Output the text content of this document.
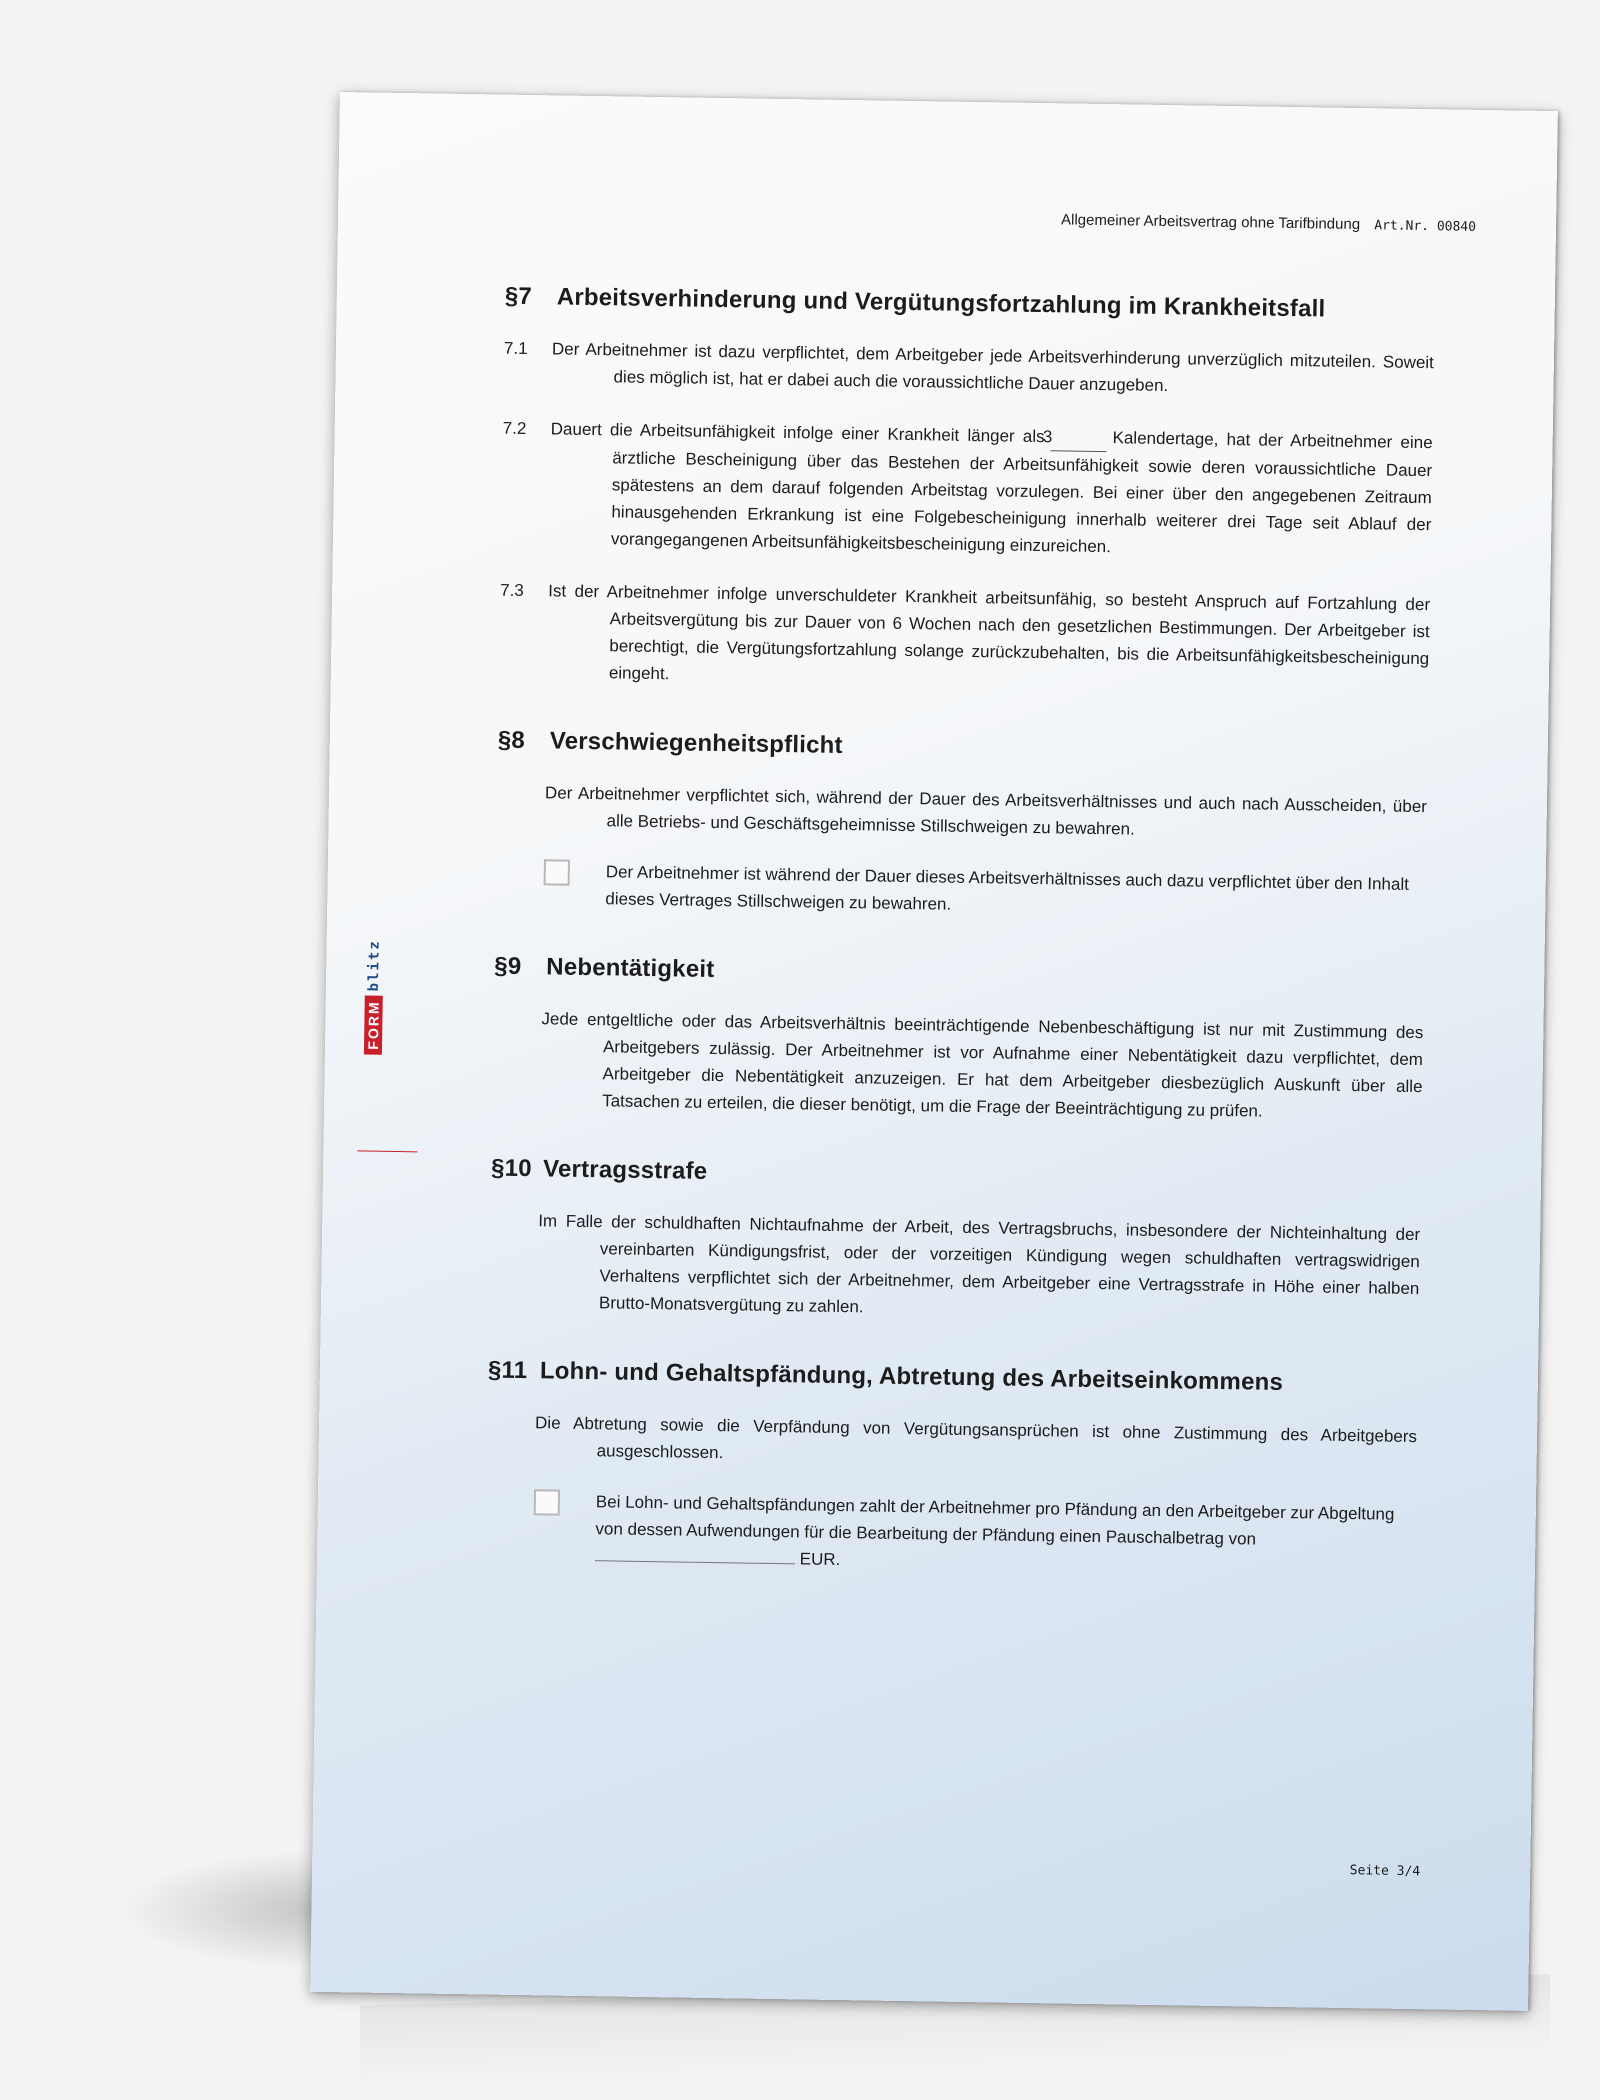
Allgemeiner Arbeitsvertrag ohne Tarifbindung Art.Nr. 00840
FORM
blitz
§7	Arbeitsverhinderung und Vergütungsfortzahlung im Krankheitsfall
7.1	Der Arbeitnehmer ist dazu verpflichtet, dem Arbeitgeber jede Arbeitsverhinderung unverzüglich mitzuteilen. Soweit dies möglich ist, hat er dabei auch die voraussichtliche Dauer anzugeben.
7.2	Dauert die Arbeitsunfähigkeit infolge einer Krankheit länger als3	Kalendertage, hat der Arbeitnehmer eine ärztliche Bescheinigung über das Bestehen der Arbeitsunfähigkeit sowie deren voraussichtliche Dauer spätestens an dem darauf folgenden Arbeitstag vorzulegen. Bei einer über den angegebenen Zeitraum hinausgehenden Erkrankung ist eine Folgebescheinigung innerhalb weiterer drei Tage seit Ablauf der vorangegangenen Arbeitsunfähigkeitsbescheinigung einzureichen.
7.3	Ist der Arbeitnehmer infolge unverschuldeter Krankheit arbeitsunfähig, so besteht Anspruch auf Fortzahlung der Arbeitsvergütung bis zur Dauer von 6 Wochen nach den gesetzlichen Bestimmungen. Der Arbeitgeber ist berechtigt, die Vergütungsfortzahlung solange zurückzubehalten, bis die Arbeitsunfähigkeitsbescheinigung eingeht.
§8	Verschwiegenheitspflicht

Der Arbeitnehmer verpflichtet sich, während der Dauer des Arbeitsverhältnisses und auch nach Ausscheiden, über alle Betriebs- und Geschäftsgeheimnisse Stillschweigen zu bewahren.

Der Arbeitnehmer ist während der Dauer dieses Arbeitsverhältnisses auch dazu verpflichtet über den Inhalt dieses Vertrages Stillschweigen zu bewahren.
§9	Nebentätigkeit

Jede entgeltliche oder das Arbeitsverhältnis beeinträchtigende Nebenbeschäftigung ist nur mit Zustimmung des Arbeitgebers zulässig. Der Arbeitnehmer ist vor Aufnahme einer Nebentätigkeit dazu verpflichtet, dem Arbeitgeber die Nebentätigkeit anzuzeigen. Er hat dem Arbeitgeber diesbezüglich Auskunft über alle Tatsachen zu erteilen, die dieser benötigt, um die Frage der Beeinträchtigung zu prüfen.

§10 Vertragsstrafe

Im Falle der schuldhaften Nichtaufnahme der Arbeit, des Vertragsbruchs, insbesondere der Nichteinhaltung der vereinbarten Kündigungsfrist, oder der vorzeitigen Kündigung wegen schuldhaften vertragswidrigen Verhaltens verpflichtet sich der Arbeitnehmer, dem Arbeitgeber eine Vertragsstrafe in Höhe einer halben Brutto-Monatsvergütung zu zahlen.

§11 Lohn- und Gehaltspfändung, Abtretung des Arbeitseinkommens

Die Abtretung sowie die Verpfändung von Vergütungsansprüchen ist ohne Zustimmung des Arbeitgebers ausgeschlossen.

Bei Lohn- und Gehaltspfändungen zahlt der Arbeitnehmer pro Pfändung an den Arbeitgeber zur Abgeltung von dessen Aufwendungen für die Bearbeitung der Pfändung einen Pauschalbetrag von  EUR.
Seite 3/4
